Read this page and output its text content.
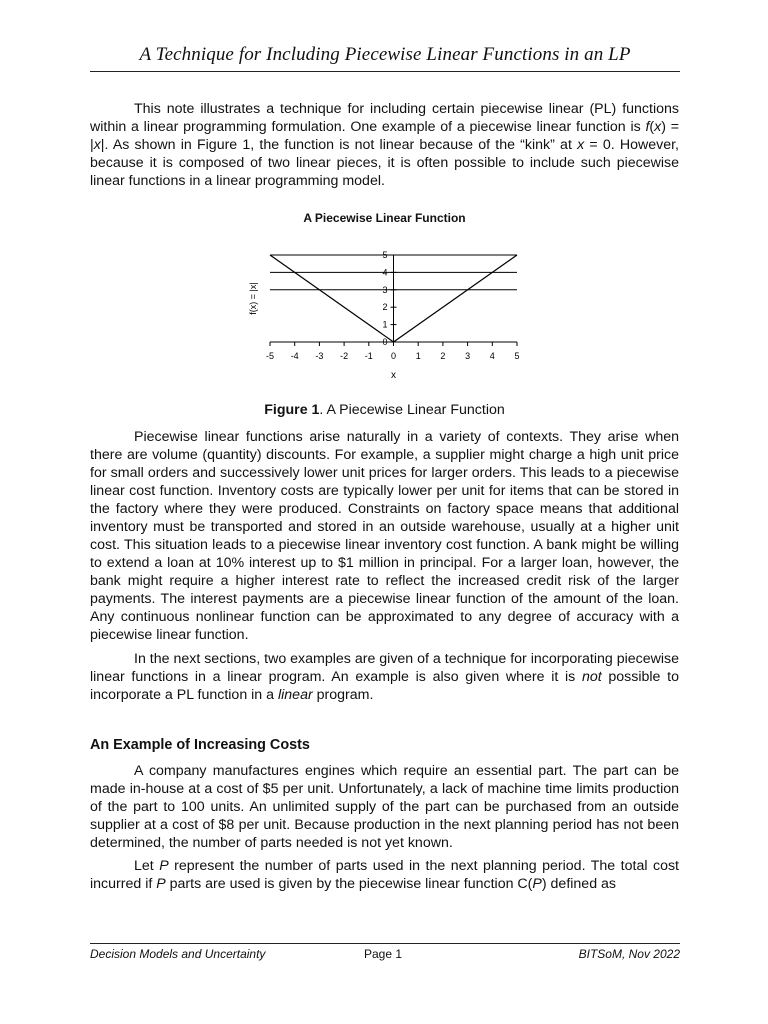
A Technique for Including Piecewise Linear Functions in an LP

This note illustrates a technique for including certain piecewise linear (PL) functions within a linear programming formulation. One example of a piecewise linear function is f(x) = |x|. As shown in Figure 1, the function is not linear because of the “kink” at x = 0. However, because it is composed of two linear pieces, it is often possible to include such piecewise linear functions in a linear programming model.

A Piecewise Linear Function
-5 -4 -3 -2 -1 0 1 2 3 4 5
0
1
2
3
4
5
f(x) = |x|
x
Figure 1. A Piecewise Linear Function

Piecewise linear functions arise naturally in a variety of contexts. They arise when there are volume (quantity) discounts. For example, a supplier might charge a high unit price for small orders and successively lower unit prices for larger orders. This leads to a piecewise linear cost function. Inventory costs are typically lower per unit for items that can be stored in the factory where they were produced. Constraints on factory space means that additional inventory must be transported and stored in an outside warehouse, usually at a higher unit cost. This situation leads to a piecewise linear inventory cost function. A bank might be willing to extend a loan at 10% interest up to $1 million in principal. For a larger loan, however, the bank might require a higher interest rate to reflect the increased credit risk of the larger payments. The interest payments are a piecewise linear function of the amount of the loan. Any continuous nonlinear function can be approximated to any degree of accuracy with a piecewise linear function.

In the next sections, two examples are given of a technique for incorporating piecewise linear functions in a linear program. An example is also given where it is not possible to incorporate a PL function in a linear program.

An Example of Increasing Costs

A company manufactures engines which require an essential part. The part can be made in-house at a cost of $5 per unit. Unfortunately, a lack of machine time limits production of the part to 100 units. An unlimited supply of the part can be purchased from an outside supplier at a cost of $8 per unit. Because production in the next planning period has not been determined, the number of parts needed is not yet known.

Let P represent the number of parts used in the next planning period. The total cost incurred if P parts are used is given by the piecewise linear function C(P) defined as

Decision Models and Uncertainty	Page 1	BITSoM, Nov 2022
